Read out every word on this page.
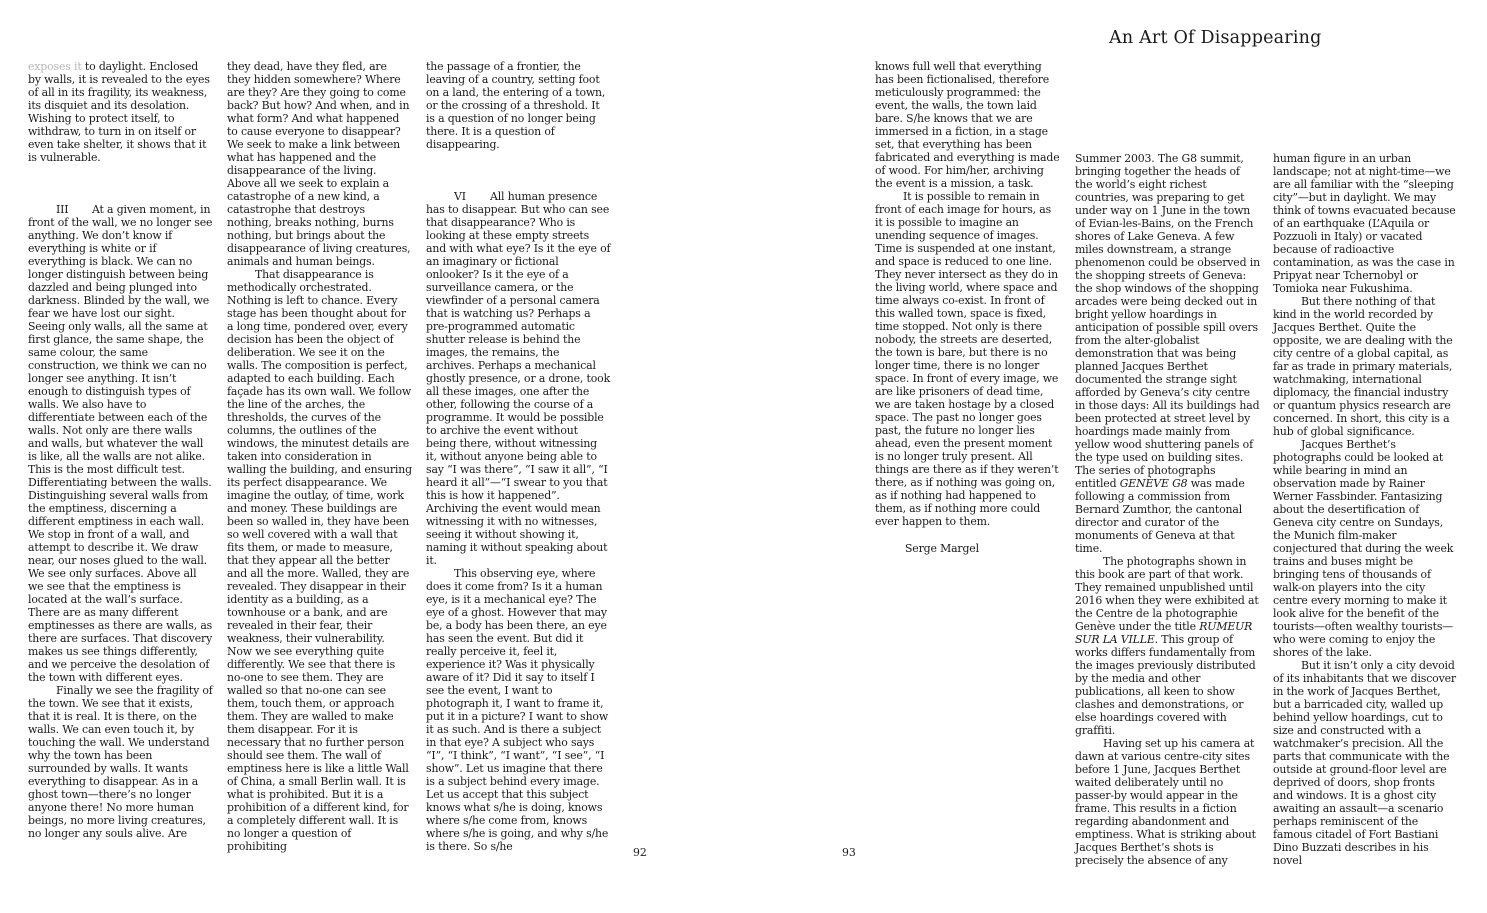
exposes it to daylight. Enclosed by walls, it is revealed to the eyes of all in its fragility, its weakness, its disquiet and its desolation. Wishing to protect itself, to withdraw, to turn in on itself or even take shelter, it shows that it is vulnerable.

III At a given moment, in front of the wall, we no longer see anything. We don’t know if everything is white or if everything is black. We can no longer distinguish between being dazzled and being plunged into darkness. Blinded by the wall, we fear we have lost our sight. Seeing only walls, all the same at first glance, the same shape, the same colour, the same construction, we think we can no longer see anything. It isn’t enough to distinguish types of walls. We also have to differentiate between each of the walls. Not only are there walls and walls, but whatever the wall is like, all the walls are not alike. This is the most difficult test. Differentiating between the walls. Distinguishing several walls from the emptiness, discerning a different emptiness in each wall. We stop in front of a wall, and attempt to describe it. We draw near, our noses glued to the wall. We see only surfaces. Above all we see that the emptiness is located at the wall’s surface. There are as many different emptinesses as there are walls, as there are surfaces. That discovery makes us see things differently, and we perceive the desolation of the town with different eyes.

Finally we see the fragility of the town. We see that it exists, that it is real. It is there, on the walls. We can even touch it, by touching the wall. We understand why the town has been surrounded by walls. It wants everything to disappear. As in a ghost town—there’s no longer anyone there! No more human beings, no more living creatures, no longer any souls alive. Are

they dead, have they fled, are they hidden somewhere? Where are they? Are they going to come back? But how? And when, and in what form? And what happened to cause everyone to disappear? We seek to make a link between what has happened and the disappearance of the living. Above all we seek to explain a catastrophe of a new kind, a catastrophe that destroys nothing, breaks nothing, burns nothing, but brings about the disappearance of living creatures, animals and human beings.

That disappearance is methodically orchestrated. Nothing is left to chance. Every stage has been thought about for a long time, pondered over, every decision has been the object of deliberation. We see it on the walls. The composition is perfect, adapted to each building. Each façade has its own wall. We follow the line of the arches, the thresholds, the curves of the columns, the outlines of the windows, the minutest details are taken into consideration in walling the building, and ensuring its perfect disappearance. We imagine the outlay, of time, work and money. These buildings are been so walled in, they have been so well covered with a wall that fits them, or made to measure, that they appear all the better and all the more. Walled, they are revealed. They disappear in their identity as a building, as a townhouse or a bank, and are revealed in their fear, their weakness, their vulnerability. Now we see everything quite differently. We see that there is no-one to see them. They are walled so that no-one can see them, touch them, or approach them. They are walled to make them disappear. For it is necessary that no further person should see them. The wall of emptiness here is like a little Wall of China, a small Berlin wall. It is what is prohibited. But it is a prohibition of a different kind, for a completely different wall. It is no longer a question of prohibiting

the passage of a frontier, the leaving of a country, setting foot on a land, the entering of a town, or the crossing of a threshold. It is a question of no longer being there. It is a question of disappearing.

VI All human presence has to disappear. But who can see that disappearance? Who is looking at these empty streets and with what eye? Is it the eye of an imaginary or fictional onlooker? Is it the eye of a surveillance camera, or the viewfinder of a personal camera that is watching us? Perhaps a pre-programmed automatic shutter release is behind the images, the remains, the archives. Perhaps a mechanical ghostly presence, or a drone, took all these images, one after the other, following the course of a programme. It would be possible to archive the event without being there, without witnessing it, without anyone being able to say “I was there”, “I saw it all”, “I heard it all”—“I swear to you that this is how it happened”. Archiving the event would mean witnessing it with no witnesses, seeing it without showing it, naming it without speaking about it.

This observing eye, where does it come from? Is it a human eye, is it a mechanical eye? The eye of a ghost. However that may be, a body has been there, an eye has seen the event. But did it really perceive it, feel it, experience it? Was it physically aware of it? Did it say to itself I see the event, I want to photograph it, I want to frame it, put it in a picture? I want to show it as such. And is there a subject in that eye? A subject who says “I”, “I think”, “I want”, “I see”, “I show”. Let us imagine that there is a subject behind every image. Let us accept that this subject knows what s/he is doing, knows where s/he come from, knows where s/he is going, and why s/he is there. So s/he	92
An Art Of Disappearing

knows full well that everything has been fictionalised, therefore meticulously programmed: the event, the walls, the town laid bare. S/he knows that we are immersed in a fiction, in a stage set, that everything has been fabricated and everything is made of wood. For him/her, archiving the event is a mission, a task.

It is possible to remain in front of each image for hours, as it is possible to imagine an unending sequence of images. Time is suspended at one instant, and space is reduced to one line. They never intersect as they do in the living world, where space and time always co-exist. In front of this walled town, space is fixed, time stopped. Not only is there nobody, the streets are deserted, the town is bare, but there is no longer time, there is no longer space. In front of every image, we are like prisoners of dead time, we are taken hostage by a closed space. The past no longer goes past, the future no longer lies ahead, even the present moment is no longer truly present. All things are there as if they weren’t there, as if nothing was going on, as if nothing had happened to them, as if nothing more could ever happen to them.

Serge Margel

Summer 2003. The G8 summit, bringing together the heads of the world’s eight richest countries, was preparing to get under way on 1 June in the town of Evian-les-Bains, on the French shores of Lake Geneva. A few miles downstream, a strange phenomenon could be observed in the shopping streets of Geneva: the shop windows of the shopping arcades were being decked out in bright yellow hoardings in anticipation of possible spill overs from the alter-globalist demonstration that was being planned Jacques Berthet documented the strange sight afforded by Geneva’s city centre in those days: All its buildings had been protected at street level by hoardings made mainly from yellow wood shuttering panels of the type used on building sites. The series of photographs entitled GENÈVE G8 was made following a commission from Bernard Zumthor, the cantonal director and curator of the monuments of Geneva at that time.

The photographs shown in this book are part of that work. They remained unpublished until 2016 when they were exhibited at the Centre de la photographie Genève under the title RUMEUR SUR LA VILLE. This group of works differs fundamentally from the images previously distributed by the media and other publications, all keen to show clashes and demonstrations, or else hoardings covered with graffiti.

Having set up his camera at dawn at various centre-city sites before 1 June, Jacques Berthet waited deliberately until no passer-by would appear in the frame. This results in a fiction regarding abandonment and emptiness. What is striking about Jacques Berthet’s shots is precisely the absence of any

human figure in an urban landscape; not at night-time—we are all familiar with the “sleeping city”—but in daylight. We may think of towns evacuated because of an earthquake (L’Aquila or Pozzuoli in Italy) or vacated because of radioactive contamination, as was the case in Pripyat near Tchernobyl or Tomioka near Fukushima.

But there nothing of that kind in the world recorded by Jacques Berthet. Quite the opposite, we are dealing with the city centre of a global capital, as far as trade in primary materials, watchmaking, international diplomacy, the financial industry or quantum physics research are concerned. In short, this city is a hub of global significance.

Jacques Berthet’s photographs could be looked at while bearing in mind an observation made by Rainer Werner Fassbinder. Fantasizing about the desertification of Geneva city centre on Sundays, the Munich film-maker conjectured that during the week trains and buses might be bringing tens of thousands of walk-on players into the city centre every morning to make it look alive for the benefit of the tourists—often wealthy tourists—who were coming to enjoy the shores of the lake.

But it isn’t only a city devoid of its inhabitants that we discover in the work of Jacques Berthet, but a barricaded city, walled up behind yellow hoardings, cut to size and constructed with a watchmaker’s precision. All the parts that communicate with the outside at ground-floor level are deprived of doors, shop fronts and windows. It is a ghost city awaiting an assault—a scenario perhaps reminiscent of the famous citadel of Fort Bastiani Dino Buzzati describes in his novel

93
